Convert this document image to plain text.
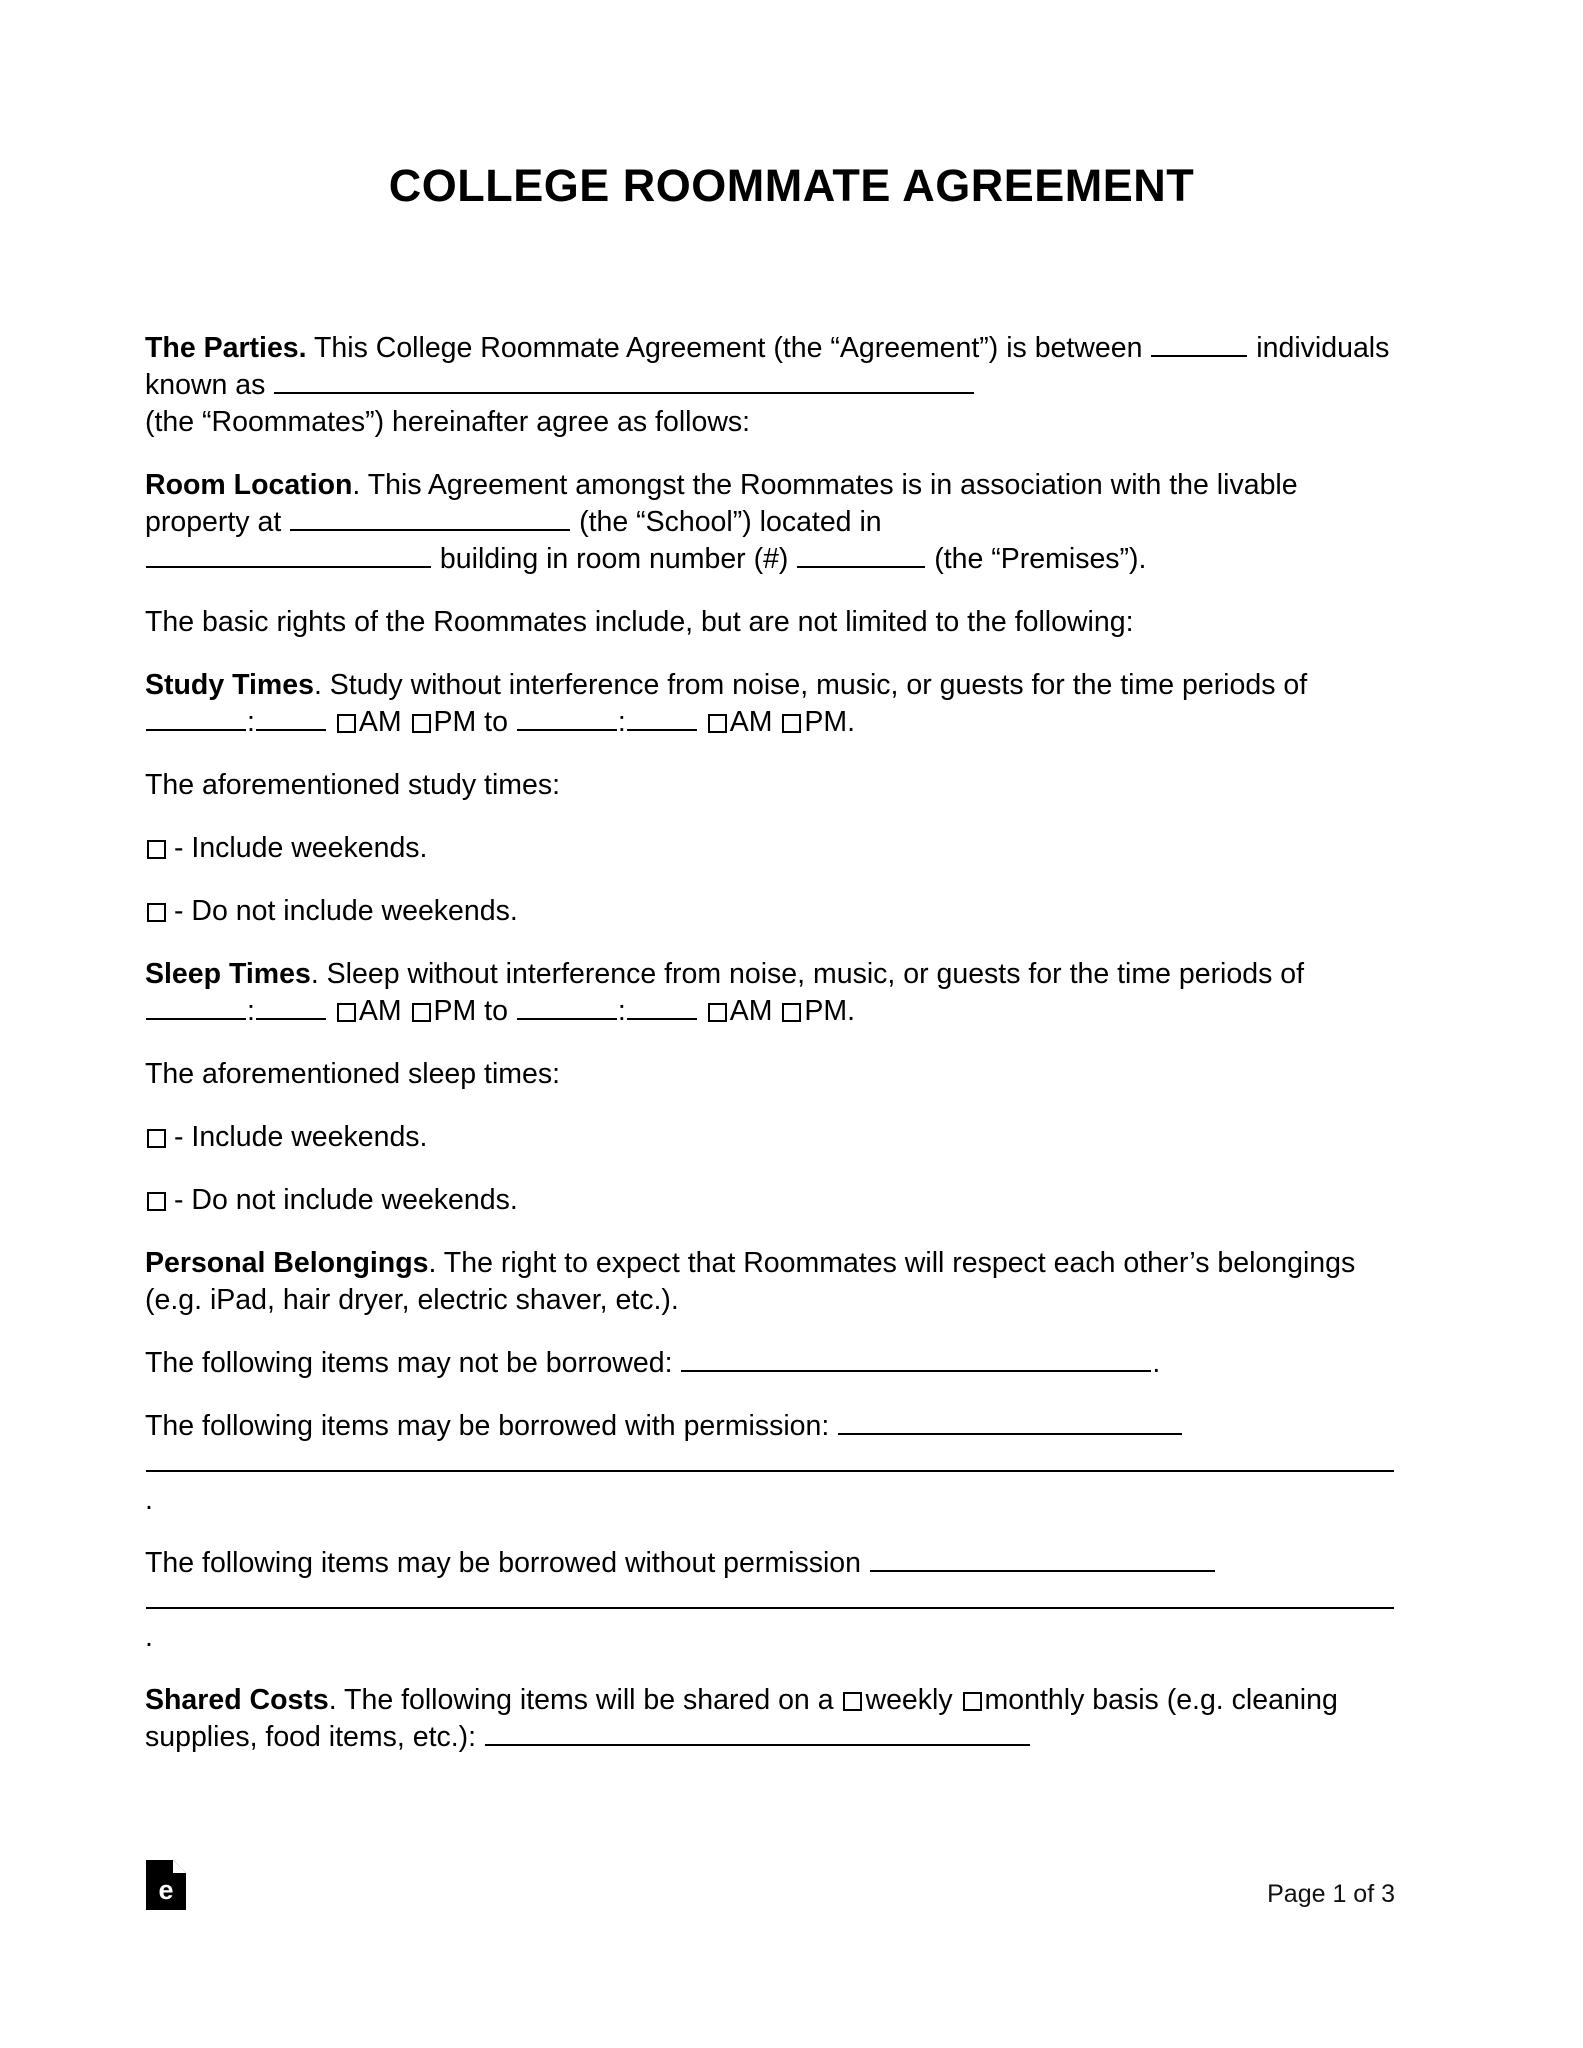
COLLEGE ROOMMATE AGREEMENT

The Parties. This College Roommate Agreement (the “Agreement”) is between	individuals known as
(the “Roommates”) hereinafter agree as follows:

Room Location. This Agreement amongst the Roommates is in association with the livable property at	(the “School”) located in
building in room number (#)	(the “Premises”).

The basic rights of the Roommates include, but are not limited to the following:

Study Times. Study without interference from noise, music, or guests for the time periods of :	AM PM to	:	AM PM.

The aforementioned study times:

- Include weekends.

- Do not include weekends.

Sleep Times. Sleep without interference from noise, music, or guests for the time periods of :	AM PM to	:	AM PM.

The aforementioned sleep times:

- Include weekends.

- Do not include weekends.

Personal Belongings. The right to expect that Roommates will respect each other’s belongings (e.g. iPad, hair dryer, electric shaver, etc.).

The following items may not be borrowed:	.

The following items may be borrowed with permission:
.

The following items may be borrowed without permission
.

Shared Costs. The following items will be shared on a weekly monthly basis (e.g. cleaning supplies, food items, etc.):

e	Page 1 of 3
